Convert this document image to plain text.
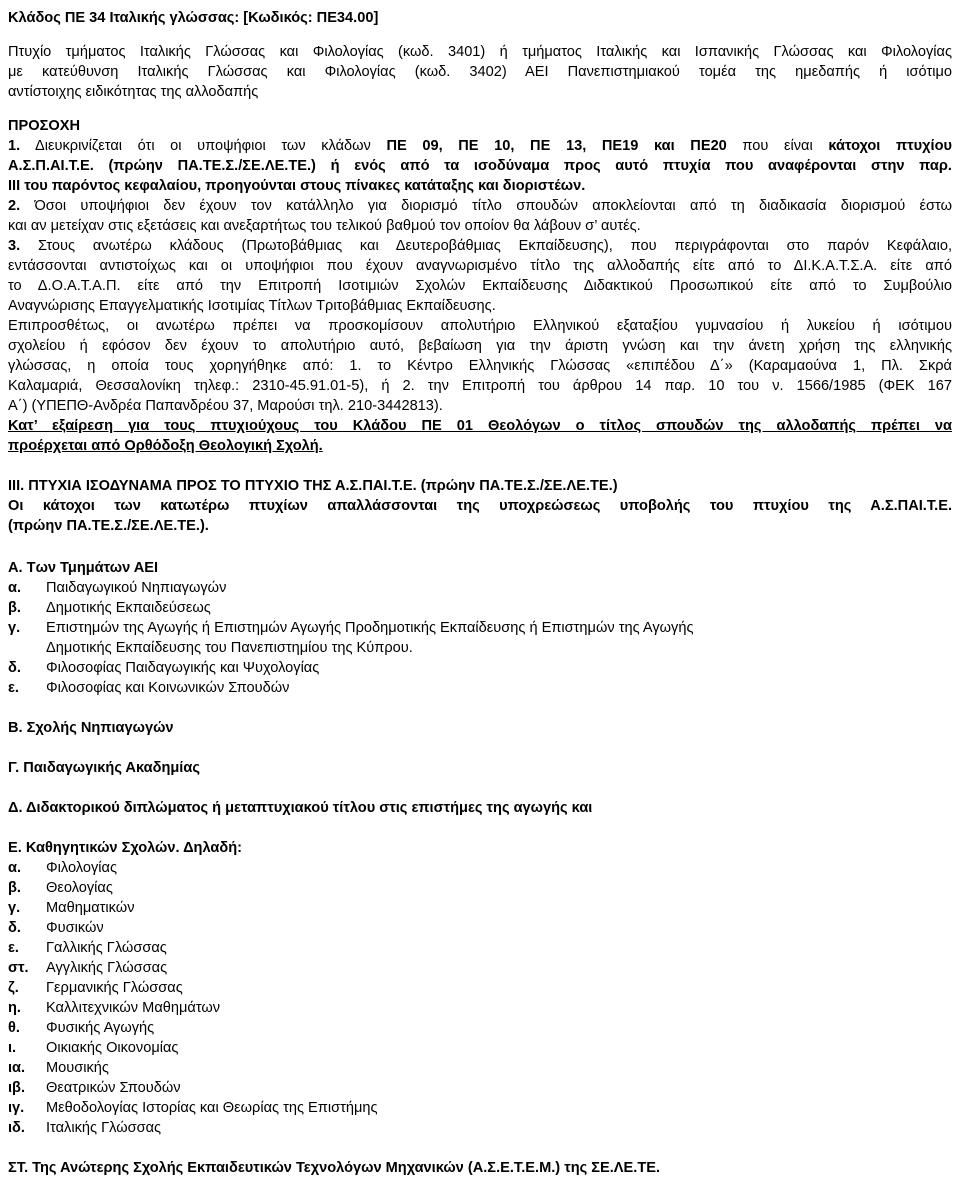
Κλάδος ΠΕ 34 Ιταλικής γλώσσας: [Κωδικός: ΠΕ34.00]

Πτυχίο τμήματος Ιταλικής Γλώσσας και Φιλολογίας (κωδ. 3401) ή τμήματος Ιταλικής και Ισπανικής Γλώσσας και Φιλολογίας
με κατεύθυνση Ιταλικής Γλώσσας και Φιλολογίας (κωδ. 3402) ΑΕΙ Πανεπιστημιακού τομέα της ημεδαπής ή ισότιμο
αντίστοιχης ειδικότητας της αλλοδαπής

ΠΡΟΣΟΧΗ

1. Διευκρινίζεται ότι οι υποψήφιοι των κλάδων ΠΕ 09, ΠΕ 10, ΠΕ 13, ΠΕ19 και ΠΕ20 που είναι κάτοχοι πτυχίου
Α.Σ.Π.ΑΙ.Τ.Ε. (πρώην ΠΑ.ΤΕ.Σ./ΣΕ.ΛΕ.ΤΕ.) ή ενός από τα ισοδύναμα προς αυτό πτυχία που αναφέρονται στην παρ.
ΙΙΙ του παρόντος κεφαλαίου, προηγούνται στους πίνακες κατάταξης και διοριστέων.
2. Όσοι υποψήφιοι δεν έχουν τον κατάλληλο για διορισμό τίτλο σπουδών αποκλείονται από τη διαδικασία διορισμού έστω
και αν μετείχαν στις εξετάσεις και ανεξαρτήτως του τελικού βαθμού τον οποίον θα λάβουν σ’ αυτές.
3. Στους ανωτέρω κλάδους (Πρωτοβάθμιας και Δευτεροβάθμιας Εκπαίδευσης), που περιγράφονται στο παρόν Κεφάλαιο,
εντάσσονται αντιστοίχως και οι υποψήφιοι που έχουν αναγνωρισμένο τίτλο της αλλοδαπής είτε από το ΔΙ.Κ.Α.Τ.Σ.Α. είτε από
το Δ.Ο.Α.Τ.Α.Π. είτε από την Επιτροπή Ισοτιμιών Σχολών Εκπαίδευσης Διδακτικού Προσωπικού είτε από το Συμβούλιο
Αναγνώρισης Επαγγελματικής Ισοτιμίας Τίτλων Τριτοβάθμιας Εκπαίδευσης.
Επιπροσθέτως, οι ανωτέρω πρέπει να προσκομίσουν απολυτήριο Ελληνικού εξαταξίου γυμνασίου ή λυκείου ή ισότιμου
σχολείου ή εφόσον δεν έχουν το απολυτήριο αυτό, βεβαίωση για την άριστη γνώση και την άνετη χρήση της ελληνικής
γλώσσας, η οποία τους χορηγήθηκε από: 1. το Κέντρο Ελληνικής Γλώσσας «επιπέδου Δ΄» (Καραμαούνα 1, Πλ. Σκρά
Καλαμαριά, Θεσσαλονίκη τηλεφ.: 2310-45.91.01-5), ή 2. την Επιτροπή του άρθρου 14 παρ. 10 του ν. 1566/1985 (ΦΕΚ 167
Α΄) (ΥΠΕΠΘ-Ανδρέα Παπανδρέου 37, Μαρούσι τηλ. 210-3442813).
Κατ’ εξαίρεση για τους πτυχιούχους του Κλάδου ΠΕ 01 Θεολόγων ο τίτλος σπουδών της αλλοδαπής πρέπει να
προέρχεται από Ορθόδοξη Θεολογική Σχολή.

ΙΙΙ. ΠΤΥΧΙΑ ΙΣΟΔΥΝΑΜΑ ΠΡΟΣ ΤΟ ΠΤΥΧΙΟ ΤΗΣ Α.Σ.ΠΑΙ.Τ.Ε. (πρώην ΠΑ.ΤΕ.Σ./ΣΕ.ΛΕ.ΤΕ.)

Οι κάτοχοι των κατωτέρω πτυχίων απαλλάσσονται της υποχρεώσεως υποβολής του πτυχίου της Α.Σ.ΠΑΙ.Τ.Ε.
(πρώην ΠΑ.ΤΕ.Σ./ΣΕ.ΛΕ.ΤΕ.).

Α. Των Τμημάτων ΑΕΙ

α.	Παιδαγωγικού Νηπιαγωγών
β.	Δημοτικής Εκπαιδεύσεως
γ.	Επιστημών της Αγωγής ή Επιστημών Αγωγής Προδημοτικής Εκπαίδευσης ή Επιστημών της Αγωγής
Δημοτικής Εκπαίδευσης του Πανεπιστημίου της Κύπρου.
δ.	Φιλοσοφίας Παιδαγωγικής και Ψυχολογίας
ε.	Φιλοσοφίας και Κοινωνικών Σπουδών

Β. Σχολής Νηπιαγωγών

Γ. Παιδαγωγικής Ακαδημίας

Δ. Διδακτορικού διπλώματος ή μεταπτυχιακού τίτλου στις επιστήμες της αγωγής και

Ε. Καθηγητικών Σχολών. Δηλαδή:

α.	Φιλολογίας
β.	Θεολογίας
γ.	Μαθηματικών
δ.	Φυσικών
ε.	Γαλλικής Γλώσσας
στ.	Αγγλικής Γλώσσας
ζ.	Γερμανικής Γλώσσας
η.	Καλλιτεχνικών Μαθημάτων
θ.	Φυσικής Αγωγής
ι.	Οικιακής Οικονομίας
ια.	Μουσικής
ιβ.	Θεατρικών Σπουδών
ιγ.	Μεθοδολογίας Ιστορίας και Θεωρίας της Επιστήμης
ιδ.	Ιταλικής Γλώσσας

ΣΤ. Της Ανώτερης Σχολής Εκπαιδευτικών Τεχνολόγων Μηχανικών (Α.Σ.Ε.Τ.Ε.Μ.) της ΣΕ.ΛΕ.ΤΕ.
